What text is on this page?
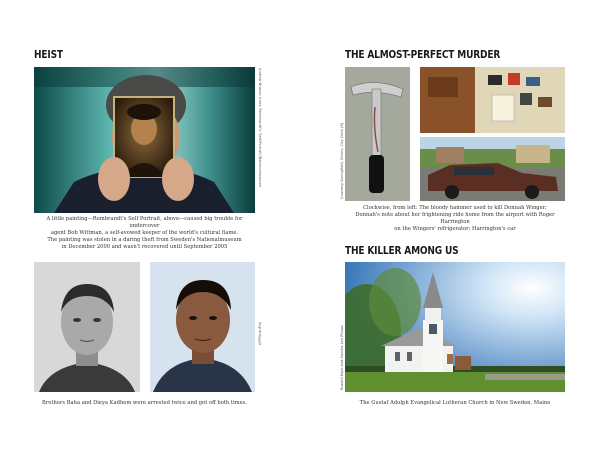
HEIST
Andrew Brusso; Inset: Rembrandt's 'Self-Portrait'/Nationalmuseum
A little painting—Rembrandt's Self Portrait, above—caused big trouble for undercover
agent Bob Wittman, a self-avowed keeper of the world's cultural flame.
The painting was stolen in a daring theft from Sweden's Nationalmuseum
in December 2000 and wasn't recovered until September 2005
AFP/ScanPix/
Brothers Baha and Dieya Kadhem were arrested twice and got off both times.
THE ALMOST-PERFECT MURDER
Courtesy Springfield, Illinois, City Clerk (6)
Clockwise, from left: The bloody hammer used to kill Donnah Winger;
Donnah's note about her frightening ride home from the airport with Roger Harrington
on the Wingers' refrigerator; Harrington's car
THE KILLER AMONG US
Russell Kaye and Sandra-Lee Phipps
The Gustaf Adolph Evangelical Lutheran Church in New Sweden, Maine
